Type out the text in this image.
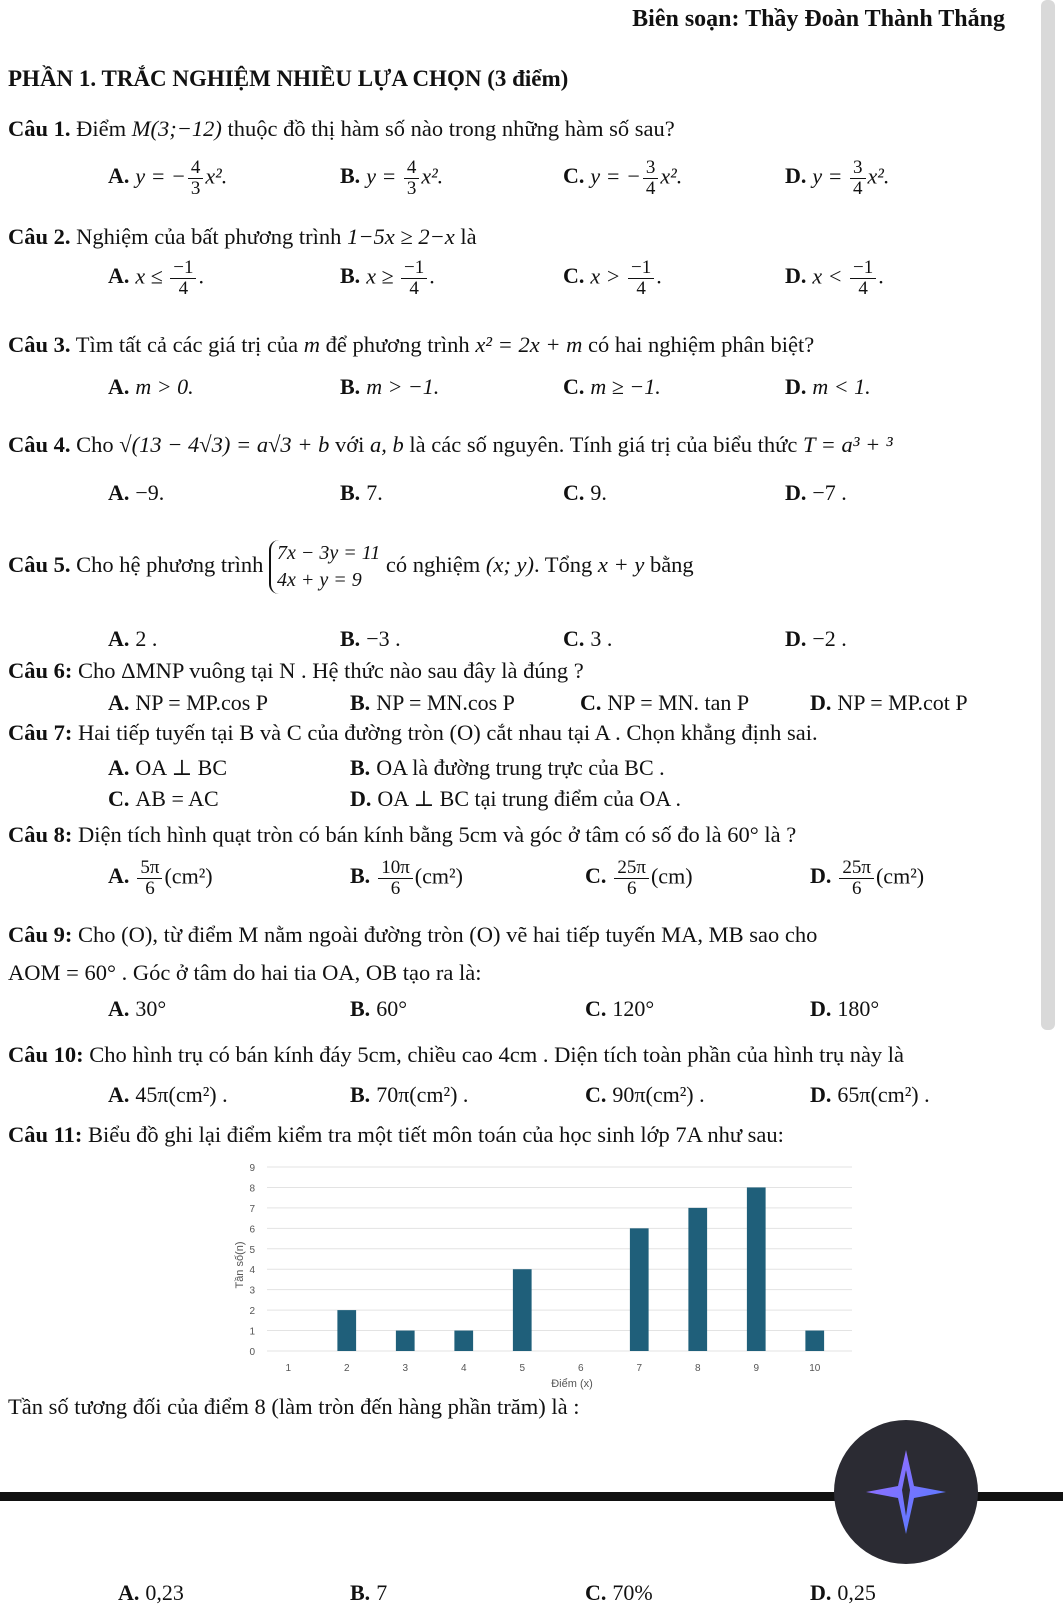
Biên soạn: Thầy Đoàn Thành Thắng
PHẦN 1. TRẮC NGHIỆM NHIỀU LỰA CHỌN (3 điểm)
Câu 1. Điểm M(3;−12) thuộc đồ thị hàm số nào trong những hàm số sau?
A. y = − $\frac{4}{3} x^2$.	B. $y = \frac{4}{3} x^2$.	C. y = − $\frac{3}{4} x^2$.	D. $y = \frac{3}{4} x^2$.
Câu 2. Nghiệm của bất phương trình 1−5x ≥ 2−x là
A. $x \le \frac{-1}{4}$ .	B. $x \ge \frac{-1}{4}$ .	C. $x > \frac{-1}{4}$ .	D. $x < \frac{-1}{4}$ .
Câu 3. Tìm tất cả các giá trị của m để phương trình x² = 2x + m có hai nghiệm phân biệt?
A. m > 0.	B. m > −1.	C. m ≥ −1.	D. m < 1.
Câu 4. Cho √(13 − 4√3) = a√3 + b với a, b là các số nguyên. Tính giá trị của biểu thức T = a³ + ³
A. −9.	B. 7.	C. 9.	D. −7 .
Câu 5. Cho hệ phương trình 7x − 3y = 11
4x + y = 9
có nghiệm (x; y). Tổng x + y bằng
A. 2 .	B. −3 .	C. 3 .	D. −2 .
Câu 6: Cho ΔMNP vuông tại N . Hệ thức nào sau đây là đúng ?
A. NP = MP.cos P	B. NP = MN.cos P	C. NP = MN. tan P	D. NP = MP.cot P
Câu 7: Hai tiếp tuyến tại B và C của đường tròn (O) cắt nhau tại A . Chọn khẳng định sai.
A. OA ⊥ BC	B. OA là đường trung trực của BC .
C. AB = AC	D. OA ⊥ BC tại trung điểm của OA .
Câu 8: Diện tích hình quạt tròn có bán kính bằng 5cm và góc ở tâm có số đo là 60° là ?
A. $\frac{5\pi}{6} (cm^2)$	B. $\frac{10\pi}{6} (cm^2)$	C. $\frac{25\pi}{6} (cm)$	D. $\frac{25\pi}{6} (cm^2)$
Câu 9: Cho (O), từ điểm M nằm ngoài đường tròn (O) vẽ hai tiếp tuyến MA, MB sao cho
AOM = 60° . Góc ở tâm do hai tia OA, OB tạo ra là:
A. 30°	B. 60°	C. 120°	D. 180°
Câu 10: Cho hình trụ có bán kính đáy 5cm, chiều cao 4cm . Diện tích toàn phần của hình trụ này là
A. 45π(cm²) .	B. 70π(cm²) .	C. 90π(cm²) .	D. 65π(cm²) .
Câu 11: Biểu đồ ghi lại điểm kiểm tra một tiết môn toán của học sinh lớp 7A như sau:
1	2	3	4	5	6	7	8	9	10
0
1
2
3
4
5
6
7
8
9
Điểm (x)
Tần số(n)
Tần số tương đối của điểm 8 (làm tròn đến hàng phần trăm) là :
A. 0,23	B. 7	C. 70%	D. 0,25
